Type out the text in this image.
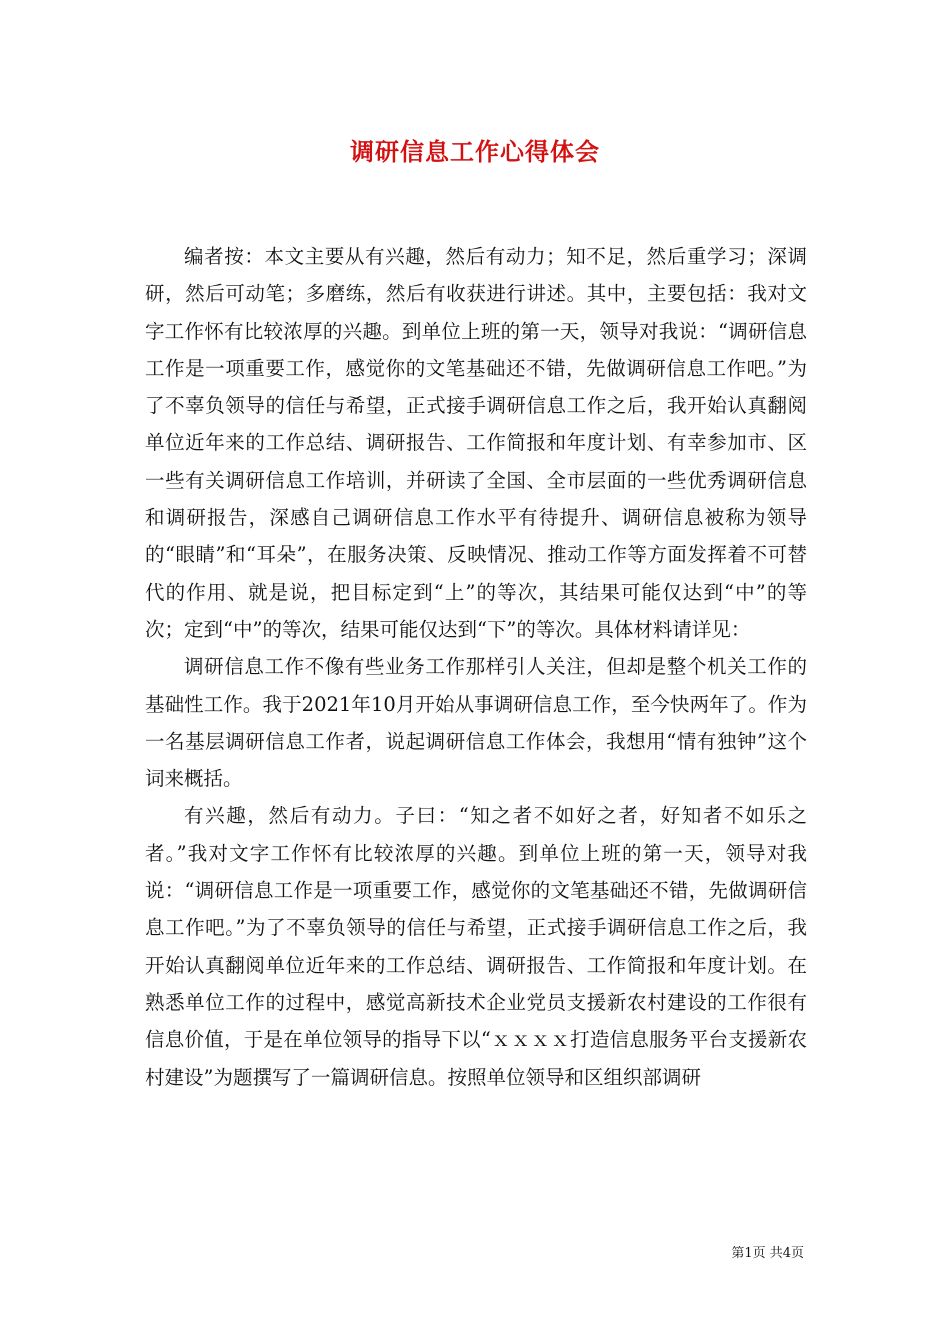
调研信息工作心得体会

编者按：本文主要从有兴趣，然后有动力；知不足，然后重学习；深调研，然后可动笔；多磨练，然后有收获进行讲述。其中，主要包括：我对文字工作怀有比较浓厚的兴趣。到单位上班的第一天，领导对我说：“调研信息工作是一项重要工作，感觉你的文笔基础还不错，先做调研信息工作吧。”为了不辜负领导的信任与希望，正式接手调研信息工作之后，我开始认真翻阅单位近年来的工作总结、调研报告、工作简报和年度计划、有幸参加市、区一些有关调研信息工作培训，并研读了全国、全市层面的一些优秀调研信息和调研报告，深感自己调研信息工作水平有待提升、调研信息被称为领导的“眼睛”和“耳朵”，在服务决策、反映情况、推动工作等方面发挥着不可替代的作用、就是说，把目标定到“上”的等次，其结果可能仅达到“中”的等次；定到“中”的等次，结果可能仅达到“下”的等次。具体材料请详见：

调研信息工作不像有些业务工作那样引人关注，但却是整个机关工作的基础性工作。我于2021年10月开始从事调研信息工作，至今快两年了。作为一名基层调研信息工作者，说起调研信息工作体会，我想用“情有独钟”这个词来概括。

有兴趣，然后有动力。子曰：“知之者不如好之者，好知者不如乐之者。”我对文字工作怀有比较浓厚的兴趣。到单位上班的第一天，领导对我说：“调研信息工作是一项重要工作，感觉你的文笔基础还不错，先做调研信息工作吧。”为了不辜负领导的信任与希望，正式接手调研信息工作之后，我开始认真翻阅单位近年来的工作总结、调研报告、工作简报和年度计划。在熟悉单位工作的过程中，感觉高新技术企业党员支援新农村建设的工作很有信息价值，于是在单位领导的指导下以“ｘｘｘｘ打造信息服务平台支援新农村建设”为题撰写了一篇调研信息。按照单位领导和区组织部调研

第1页 共4页
